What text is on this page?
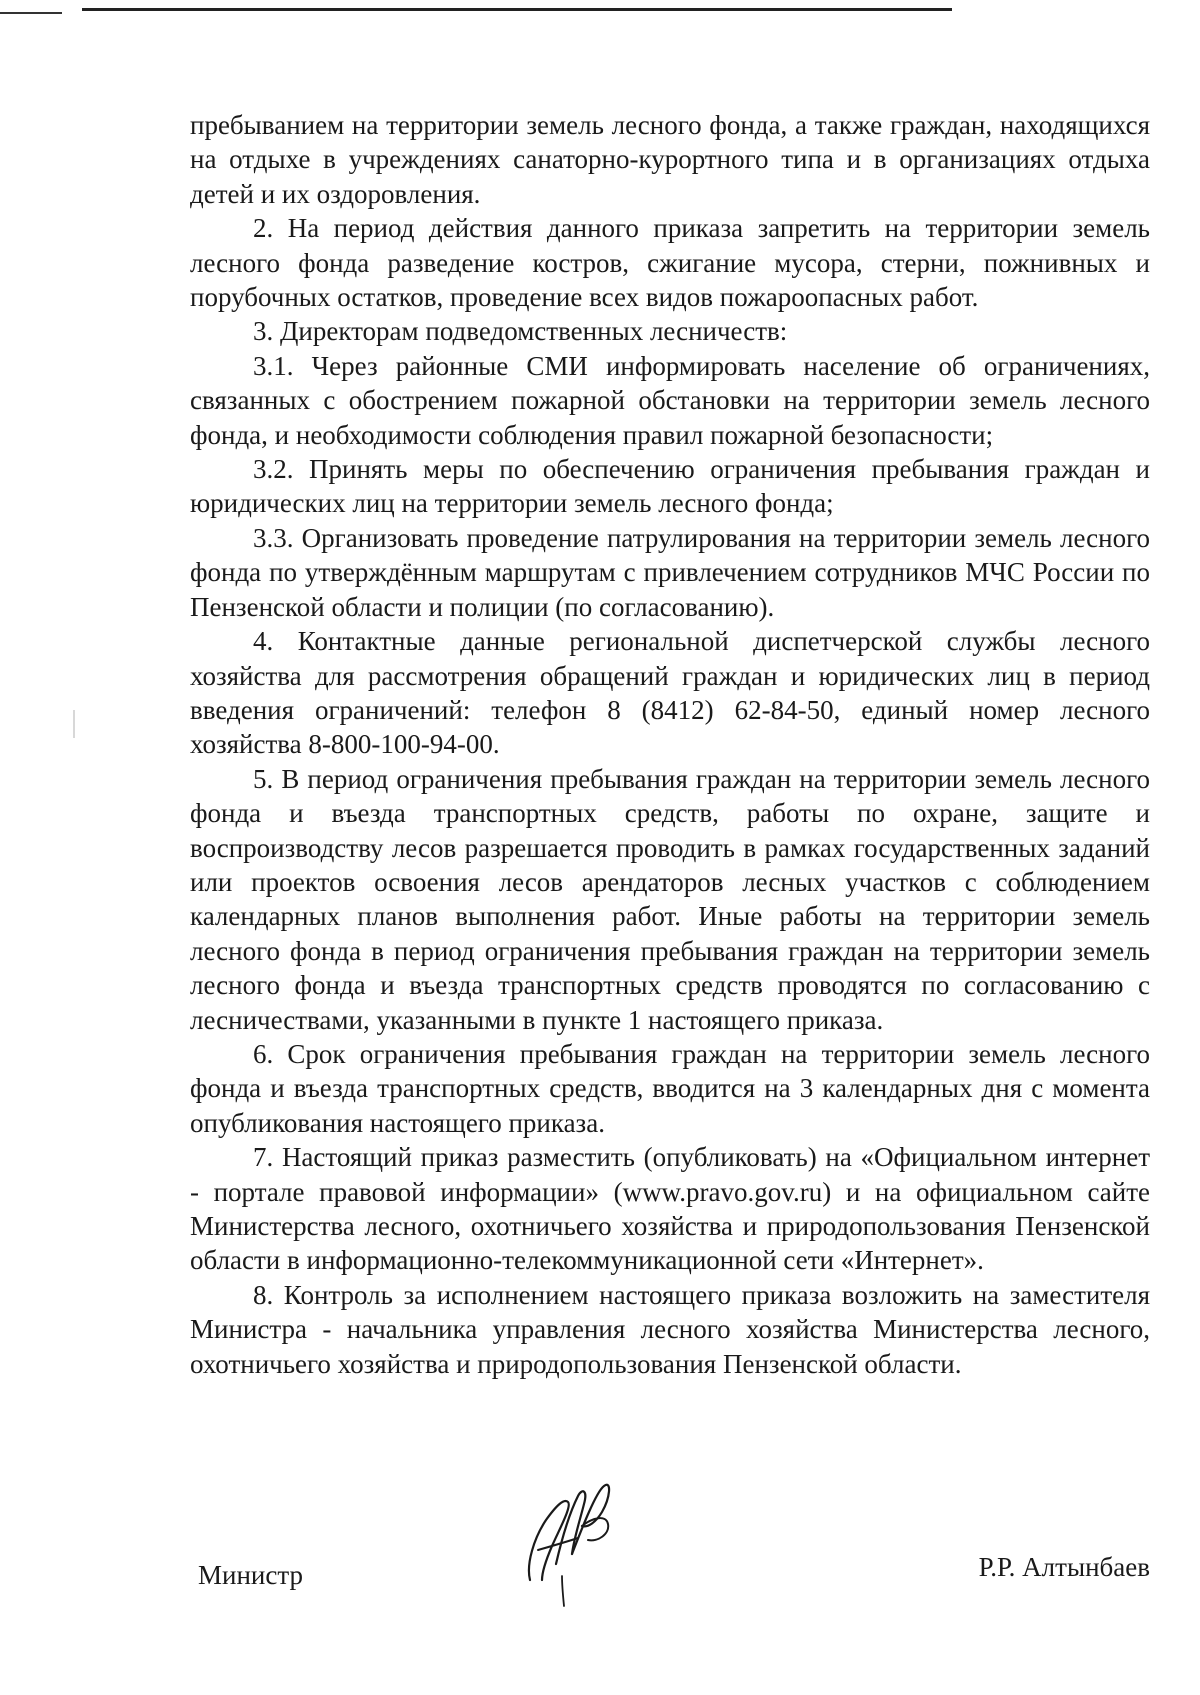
пребыванием на территории земель лесного фонда, а также граждан, находящихся на отдыхе в учреждениях санаторно-курортного типа и в организациях отдыха детей и их оздоровления.

2. На период действия данного приказа запретить на территории земель лесного фонда разведение костров, сжигание мусора, стерни, пожнивных и порубочных остатков, проведение всех видов пожароопасных работ.

3. Директорам подведомственных лесничеств:

3.1. Через районные СМИ информировать население об ограничениях, связанных с обострением пожарной обстановки на территории земель лесного фонда, и необходимости соблюдения правил пожарной безопасности;

3.2. Принять меры по обеспечению ограничения пребывания граждан и юридических лиц на территории земель лесного фонда;

3.3. Организовать проведение патрулирования на территории земель лесного фонда по утверждённым маршрутам с привлечением сотрудников МЧС России по Пензенской области и полиции (по согласованию).

4. Контактные данные региональной диспетчерской службы лесного хозяйства для рассмотрения обращений граждан и юридических лиц в период введения ограничений: телефон 8 (8412) 62-84-50, единый номер лесного хозяйства 8-800-100-94-00.

5. В период ограничения пребывания граждан на территории земель лесного фонда и въезда транспортных средств, работы по охране, защите и воспроизводству лесов разрешается проводить в рамках государственных заданий или проектов освоения лесов арендаторов лесных участков с соблюдением календарных планов выполнения работ. Иные работы на территории земель лесного фонда в период ограничения пребывания граждан на территории земель лесного фонда и въезда транспортных средств проводятся по согласованию с лесничествами, указанными в пункте 1 настоящего приказа.

6. Срок ограничения пребывания граждан на территории земель лесного фонда и въезда транспортных средств, вводится на 3 календарных дня с момента опубликования настоящего приказа.

7. Настоящий приказ разместить (опубликовать) на «Официальном интернет - портале правовой информации» (www.pravo.gov.ru) и на официальном сайте Министерства лесного, охотничьего хозяйства и природопользования Пензенской области в информационно-телекоммуникационной сети «Интернет».

8. Контроль за исполнением настоящего приказа возложить на заместителя Министра - начальника управления лесного хозяйства Министерства лесного, охотничьего хозяйства и природопользования Пензенской области.

Министр	Р.Р. Алтынбаев
